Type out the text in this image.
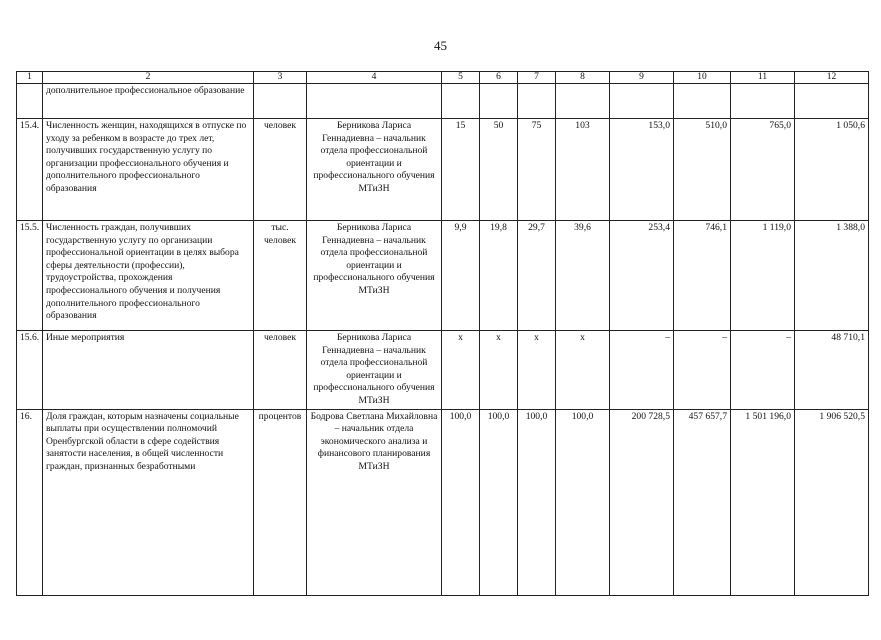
45
1	2	3	4	5	6	7	8	9	10	11	12
	дополнительное профессиональное образование										
15.4.	Численность женщин, находящихся в отпуске по уходу за ребенком в возрасте до трех лет, получивших государственную услугу по организации профессионального обучения и дополнительного профессионального образования	человек	Берникова Лариса Геннадиевна – начальник отдела профессиональной ориентации и профессионального обучения МТиЗН	15	50	75	103	153,0	510,0	765,0	1 050,6
15.5.	Численность граждан, получивших государственную услугу по организации профессиональной ориентации в целях выбора сферы деятельности (профессии), трудоустройства, прохождения профессионального обучения и получения дополнительного профессионального образования	тыс. человек	Берникова Лариса Геннадиевна – начальник отдела профессиональной ориентации и профессионального обучения МТиЗН	9,9	19,8	29,7	39,6	253,4	746,1	1 119,0	1 388,0
15.6.	Иные мероприятия	человек	Берникова Лариса Геннадиевна – начальник отдела профессиональной ориентации и профессионального обучения МТиЗН	х	х	х	х	–	–	–	48 710,1
16.	Доля граждан, которым назначены социальные выплаты при осуществлении полномочий Оренбургской области в сфере содействия занятости населения, в общей численности граждан, признанных безработными	процентов	Бодрова Светлана Михайловна – начальник отдела экономического анализа и финансового планирования МТиЗН	100,0	100,0	100,0	100,0	200 728,5	457 657,7	1 501 196,0	1 906 520,5
